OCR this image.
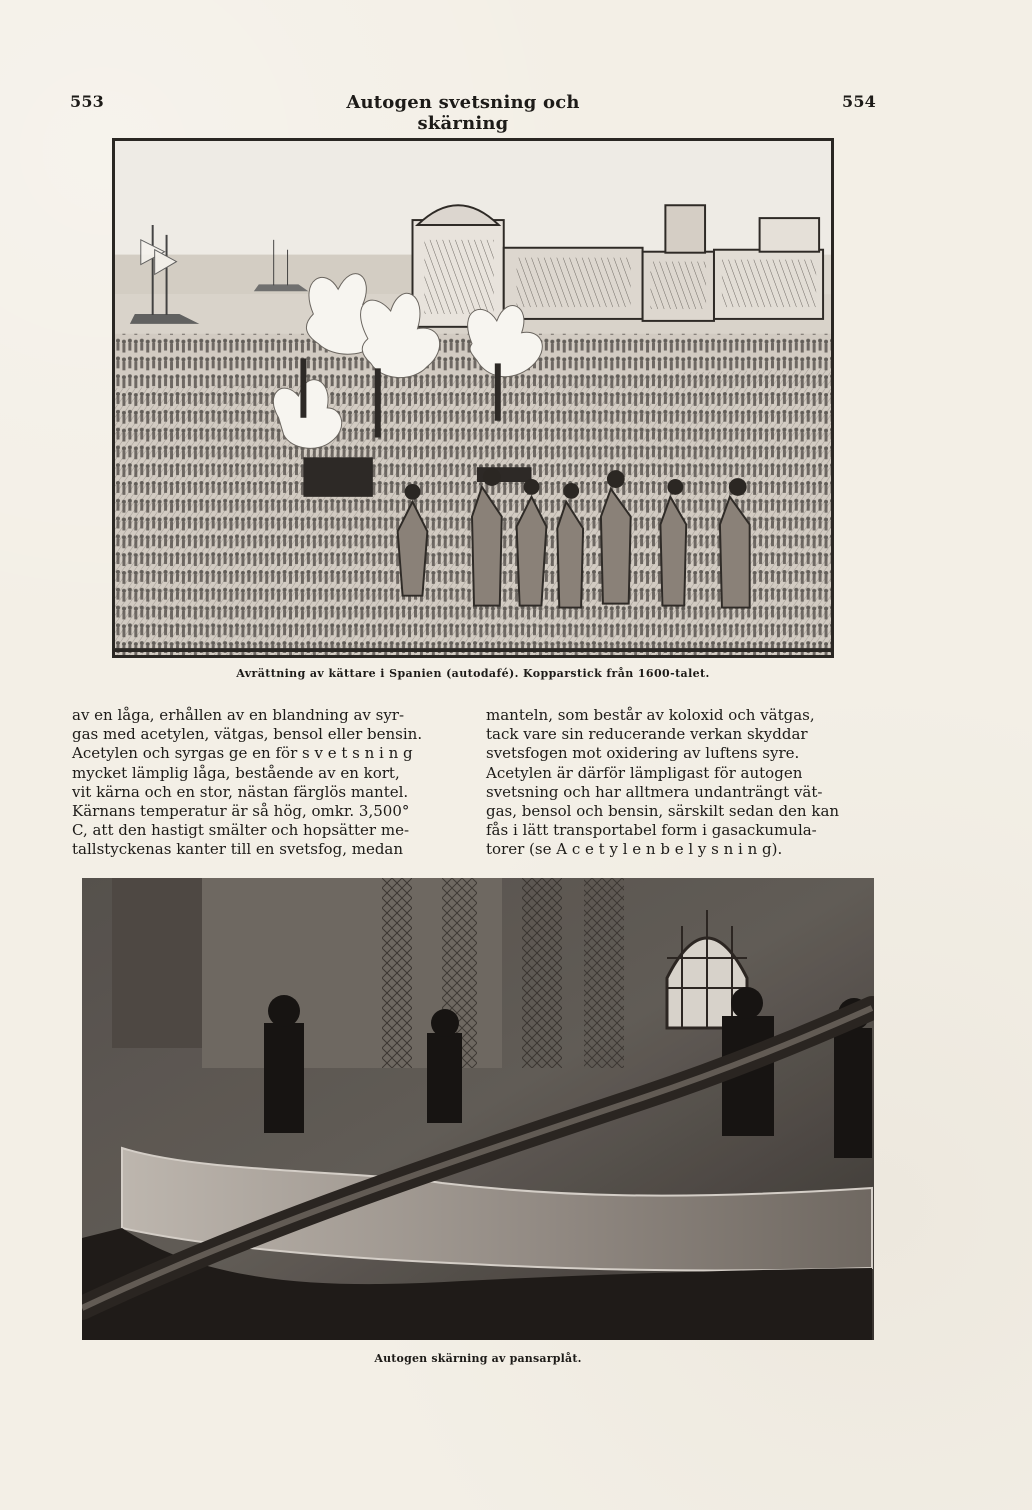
553	Autogen svetsning och skärning
554
Avrättning av kättare i Spanien (autodafé). Kopparstick från 1600-talet.
av en låga, erhållen av en blandning av syr-
gas med acetylen, vätgas, bensol eller bensin.
Acetylen och syrgas ge en för s v e t s n i n g
mycket lämplig låga, bestående av en kort,
vit kärna och en stor, nästan färglös mantel.
Kärnans temperatur är så hög, omkr. 3,500°
C, att den hastigt smälter och hopsätter me-
tallstyckenas kanter till en svetsfog, medan
manteln, som består av koloxid och vätgas,
tack vare sin reducerande verkan skyddar
svetsfogen mot oxidering av luftens syre.
Acetylen är därför lämpligast för autogen
svetsning och har alltmera undanträngt vät-
gas, bensol och bensin, särskilt sedan den kan
fås i lätt transportabel form i gasackumula-
torer (se A c e t y l e n b e l y s n i n g).
Autogen skärning av pansarplåt.
